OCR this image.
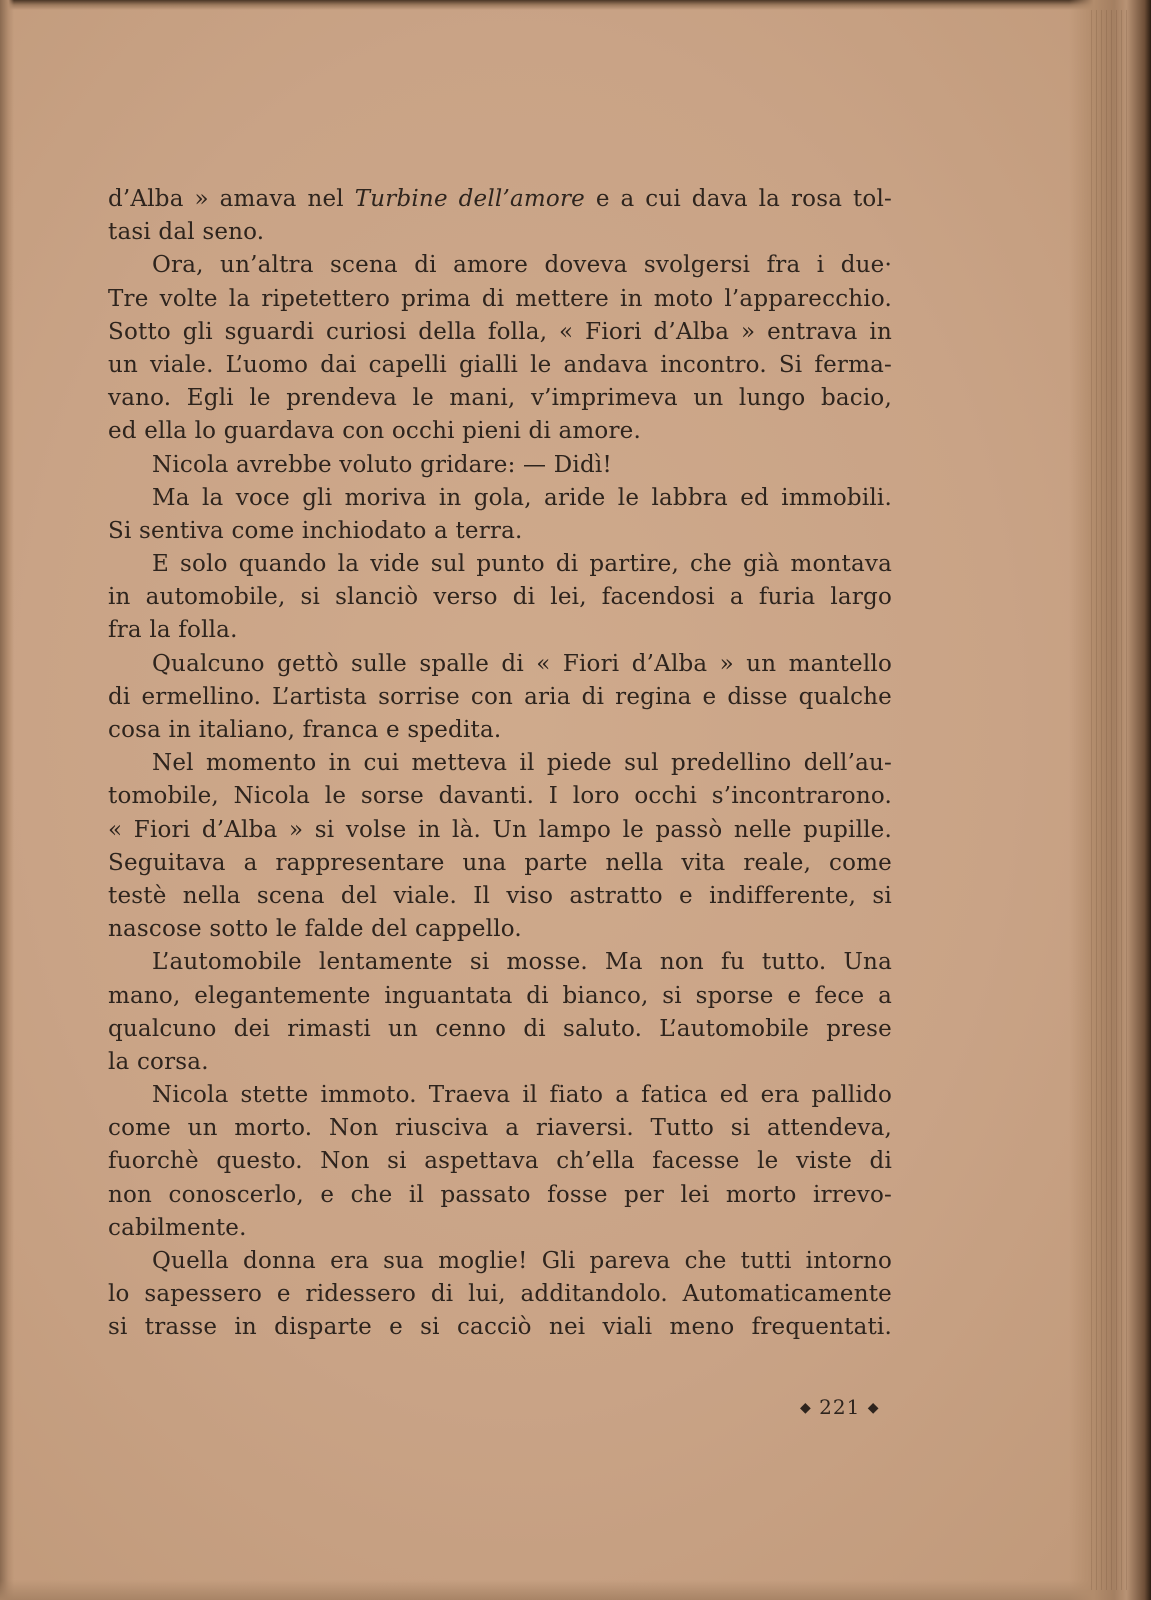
d’Alba » amava nel Turbine dell’amore e a cui dava la rosa tol-
tasi dal seno.
Ora, un’altra scena di amore doveva svolgersi fra i due·
Tre volte la ripetettero prima di mettere in moto l’apparecchio.
Sotto gli sguardi curiosi della folla, « Fiori d’Alba » entrava in
un viale. L’uomo dai capelli gialli le andava incontro. Si ferma-
vano. Egli le prendeva le mani, v’imprimeva un lungo bacio,
ed ella lo guardava con occhi pieni di amore.
Nicola avrebbe voluto gridare: — Didì!
Ma la voce gli moriva in gola, aride le labbra ed immobili.
Si sentiva come inchiodato a terra.
E solo quando la vide sul punto di partire, che già montava
in automobile, si slanciò verso di lei, facendosi a furia largo
fra la folla.
Qualcuno gettò sulle spalle di « Fiori d’Alba » un mantello
di ermellino. L’artista sorrise con aria di regina e disse qualche
cosa in italiano, franca e spedita.
Nel momento in cui metteva il piede sul predellino dell’au-
tomobile, Nicola le sorse davanti. I loro occhi s’incontrarono.
« Fiori d’Alba » si volse in là. Un lampo le passò nelle pupille.
Seguitava a rappresentare una parte nella vita reale, come
testè nella scena del viale. Il viso astratto e indifferente, si
nascose sotto le falde del cappello.
L’automobile lentamente si mosse. Ma non fu tutto. Una
mano, elegantemente inguantata di bianco, si sporse e fece a
qualcuno dei rimasti un cenno di saluto. L’automobile prese
la corsa.
Nicola stette immoto. Traeva il fiato a fatica ed era pallido
come un morto. Non riusciva a riaversi. Tutto si attendeva,
fuorchè questo. Non si aspettava ch’ella facesse le viste di
non conoscerlo, e che il passato fosse per lei morto irrevo-
cabilmente.
Quella donna era sua moglie! Gli pareva che tutti intorno
lo sapessero e ridessero di lui, additandolo. Automaticamente
si trasse in disparte e si cacciò nei viali meno frequentati.
◆ 221 ◆
